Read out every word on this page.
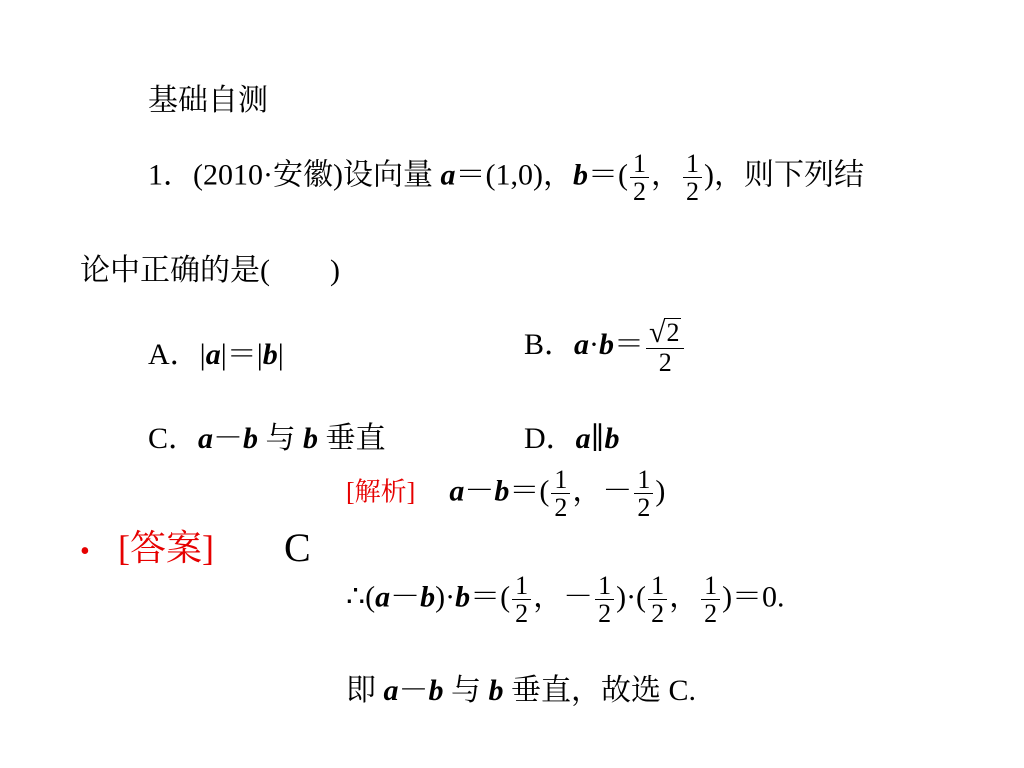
基础自测
1．(2010·安徽)设向量 a＝(1,0)，$b=( \frac{1}{2}$ ， $\frac{1}{2}$ )，则下列结
论中正确的是(　　)
A．|a|＝|b|	B．$a\cdot b= \frac{√ 2}{2}$
C．a－b 与 b 垂直	D．a∥b
• [答案] C
[解析] $a-b=( \frac{1}{2}$ ，－ $\frac{1}{2}$ )
∴(a－b)·b＝( $\frac{1}{2}$ ，－ $\frac{1}{2}$ )·( $\frac{1}{2}$ ， $\frac{1}{2} )=0$.
即 a－b 与 b 垂直，故选 C.
